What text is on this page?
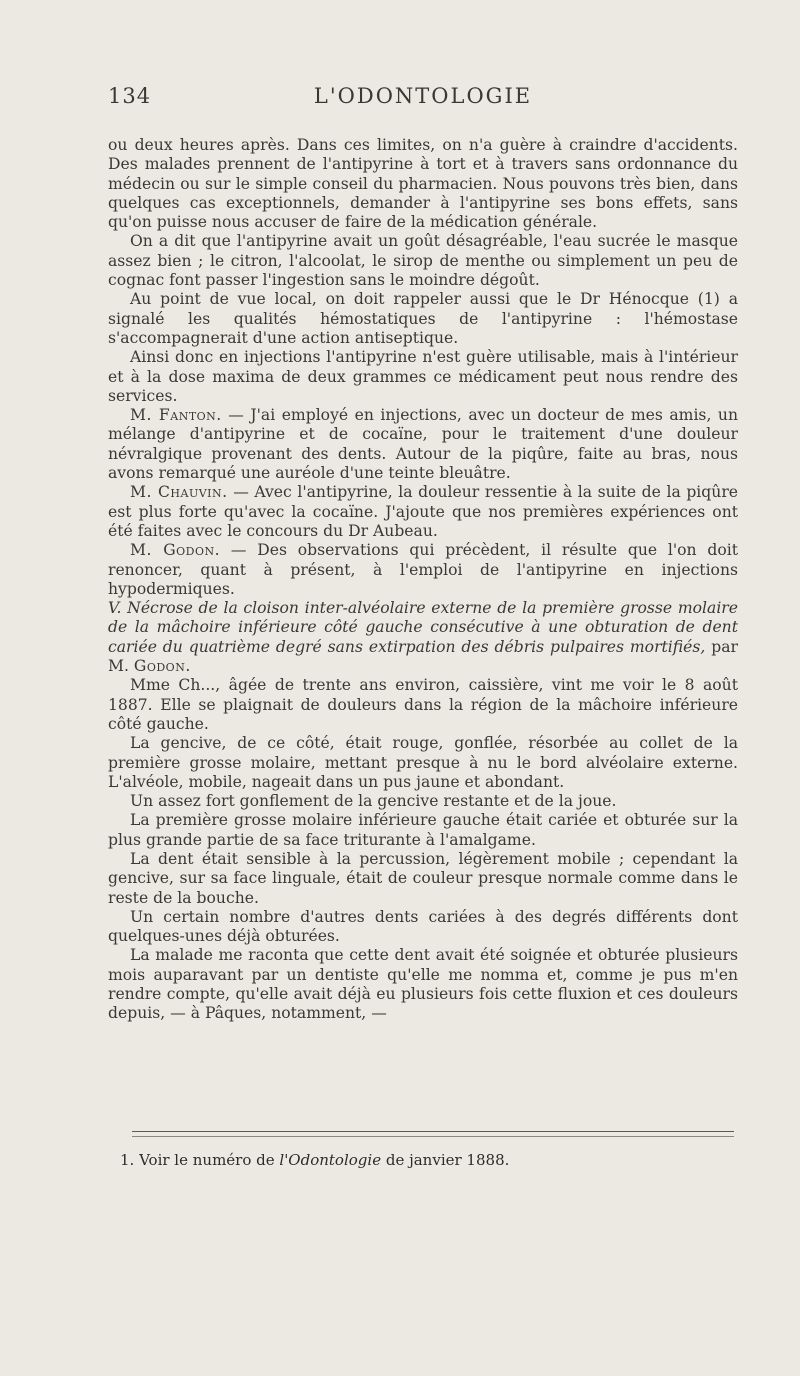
134	L'ODONTOLOGIE

ou deux heures après. Dans ces limites, on n'a guère à craindre d'accidents. Des malades prennent de l'antipyrine à tort et à travers sans ordonnance du médecin ou sur le simple conseil du pharmacien. Nous pouvons très bien, dans quelques cas exceptionnels, demander à l'antipyrine ses bons effets, sans qu'on puisse nous accuser de faire de la médication générale.

On a dit que l'antipyrine avait un goût désagréable, l'eau sucrée le masque assez bien ; le citron, l'alcoolat, le sirop de menthe ou simplement un peu de cognac font passer l'ingestion sans le moindre dégoût.

Au point de vue local, on doit rappeler aussi que le Dr Hénocque (1) a signalé les qualités hémostatiques de l'antipyrine : l'hémostase s'accompagnerait d'une action antiseptique.

Ainsi donc en injections l'antipyrine n'est guère utilisable, mais à l'intérieur et à la dose maxima de deux grammes ce médicament peut nous rendre des services.

M. Fanton. — J'ai employé en injections, avec un docteur de mes amis, un mélange d'antipyrine et de cocaïne, pour le traitement d'une douleur névralgique provenant des dents. Autour de la piqûre, faite au bras, nous avons remarqué une auréole d'une teinte bleuâtre.

M. Chauvin. — Avec l'antipyrine, la douleur ressentie à la suite de la piqûre est plus forte qu'avec la cocaïne. J'ajoute que nos premières expériences ont été faites avec le concours du Dr Aubeau.

M. Godon. — Des observations qui précèdent, il résulte que l'on doit renoncer, quant à présent, à l'emploi de l'antipyrine en injections hypodermiques.

V. Nécrose de la cloison inter-alvéolaire externe de la première grosse molaire de la mâchoire inférieure côté gauche consécutive à une obturation de dent cariée du quatrième degré sans extirpation des débris pulpaires mortifiés, par M. Godon.

Mme Ch..., âgée de trente ans environ, caissière, vint me voir le 8 août 1887. Elle se plaignait de douleurs dans la région de la mâchoire inférieure côté gauche.

La gencive, de ce côté, était rouge, gonflée, résorbée au collet de la première grosse molaire, mettant presque à nu le bord alvéolaire externe. L'alvéole, mobile, nageait dans un pus jaune et abondant.

Un assez fort gonflement de la gencive restante et de la joue.

La première grosse molaire inférieure gauche était cariée et obturée sur la plus grande partie de sa face triturante à l'amalgame.

La dent était sensible à la percussion, légèrement mobile ; cependant la gencive, sur sa face linguale, était de couleur presque normale comme dans le reste de la bouche.

Un certain nombre d'autres dents cariées à des degrés différents dont quelques-unes déjà obturées.

La malade me raconta que cette dent avait été soignée et obturée plusieurs mois auparavant par un dentiste qu'elle me nomma et, comme je pus m'en rendre compte, qu'elle avait déjà eu plusieurs fois cette fluxion et ces douleurs depuis, — à Pâques, notamment, —

1. Voir le numéro de l'Odontologie de janvier 1888.
